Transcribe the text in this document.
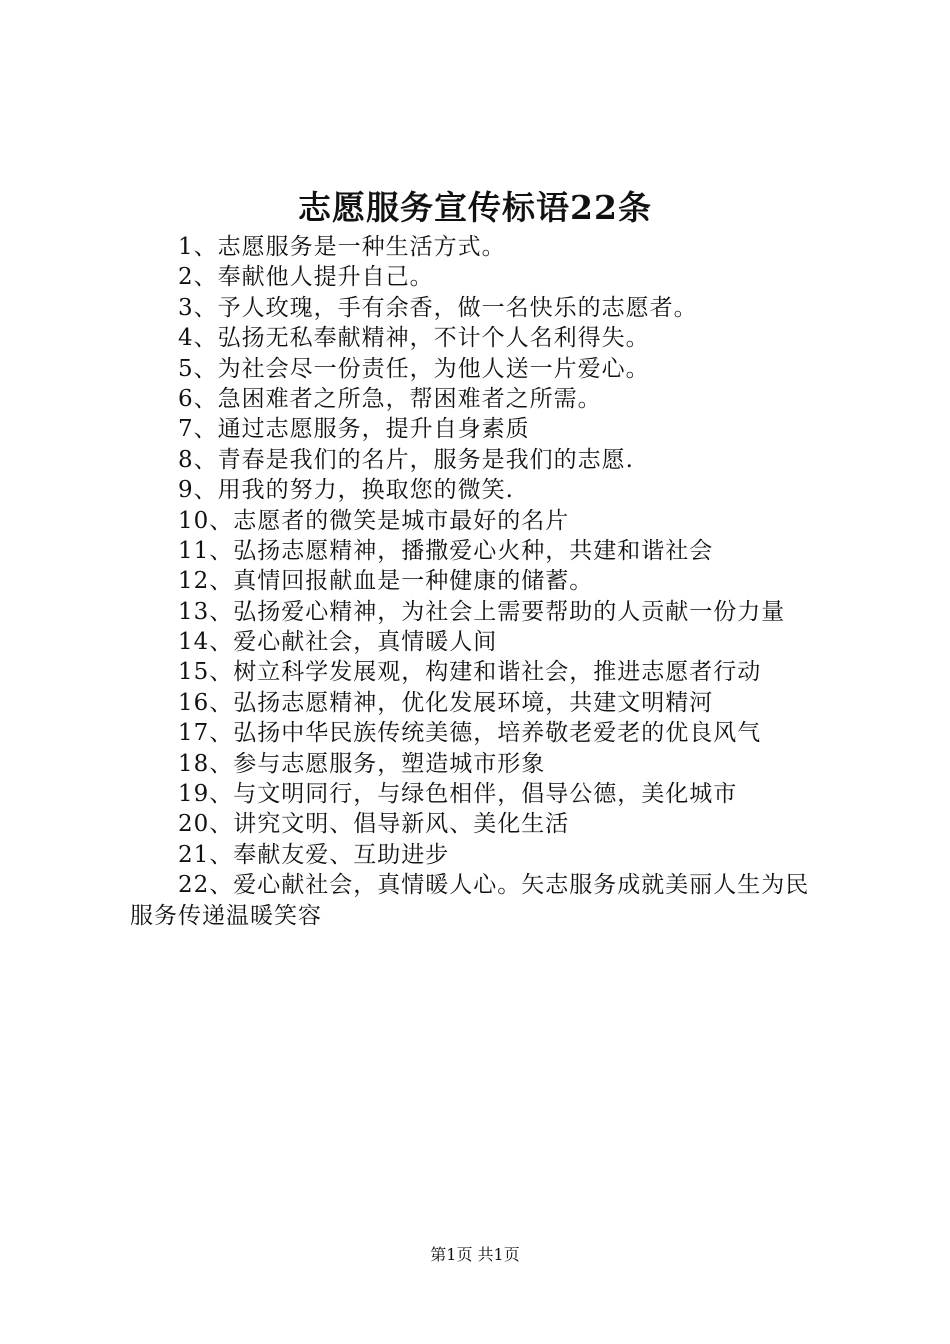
志愿服务宣传标语22条
1、志愿服务是一种生活方式。
2、奉献他人提升自己。
3、予人玫瑰，手有余香，做一名快乐的志愿者。
4、弘扬无私奉献精神，不计个人名利得失。
5、为社会尽一份责任，为他人送一片爱心。
6、急困难者之所急，帮困难者之所需。
7、通过志愿服务，提升自身素质
8、青春是我们的名片，服务是我们的志愿.
9、用我的努力，换取您的微笑.
10、志愿者的微笑是城市最好的名片
11、弘扬志愿精神，播撒爱心火种，共建和谐社会
12、真情回报献血是一种健康的储蓄。
13、弘扬爱心精神，为社会上需要帮助的人贡献一份力量
14、爱心献社会，真情暖人间
15、树立科学发展观，构建和谐社会，推进志愿者行动
16、弘扬志愿精神，优化发展环境，共建文明精河
17、弘扬中华民族传统美德，培养敬老爱老的优良风气
18、参与志愿服务，塑造城市形象
19、与文明同行，与绿色相伴，倡导公德，美化城市
20、讲究文明、倡导新风、美化生活
21、奉献友爱、互助进步
22、爱心献社会，真情暖人心。矢志服务成就美丽人生为民服务传递温暖笑容
第1页 共1页
